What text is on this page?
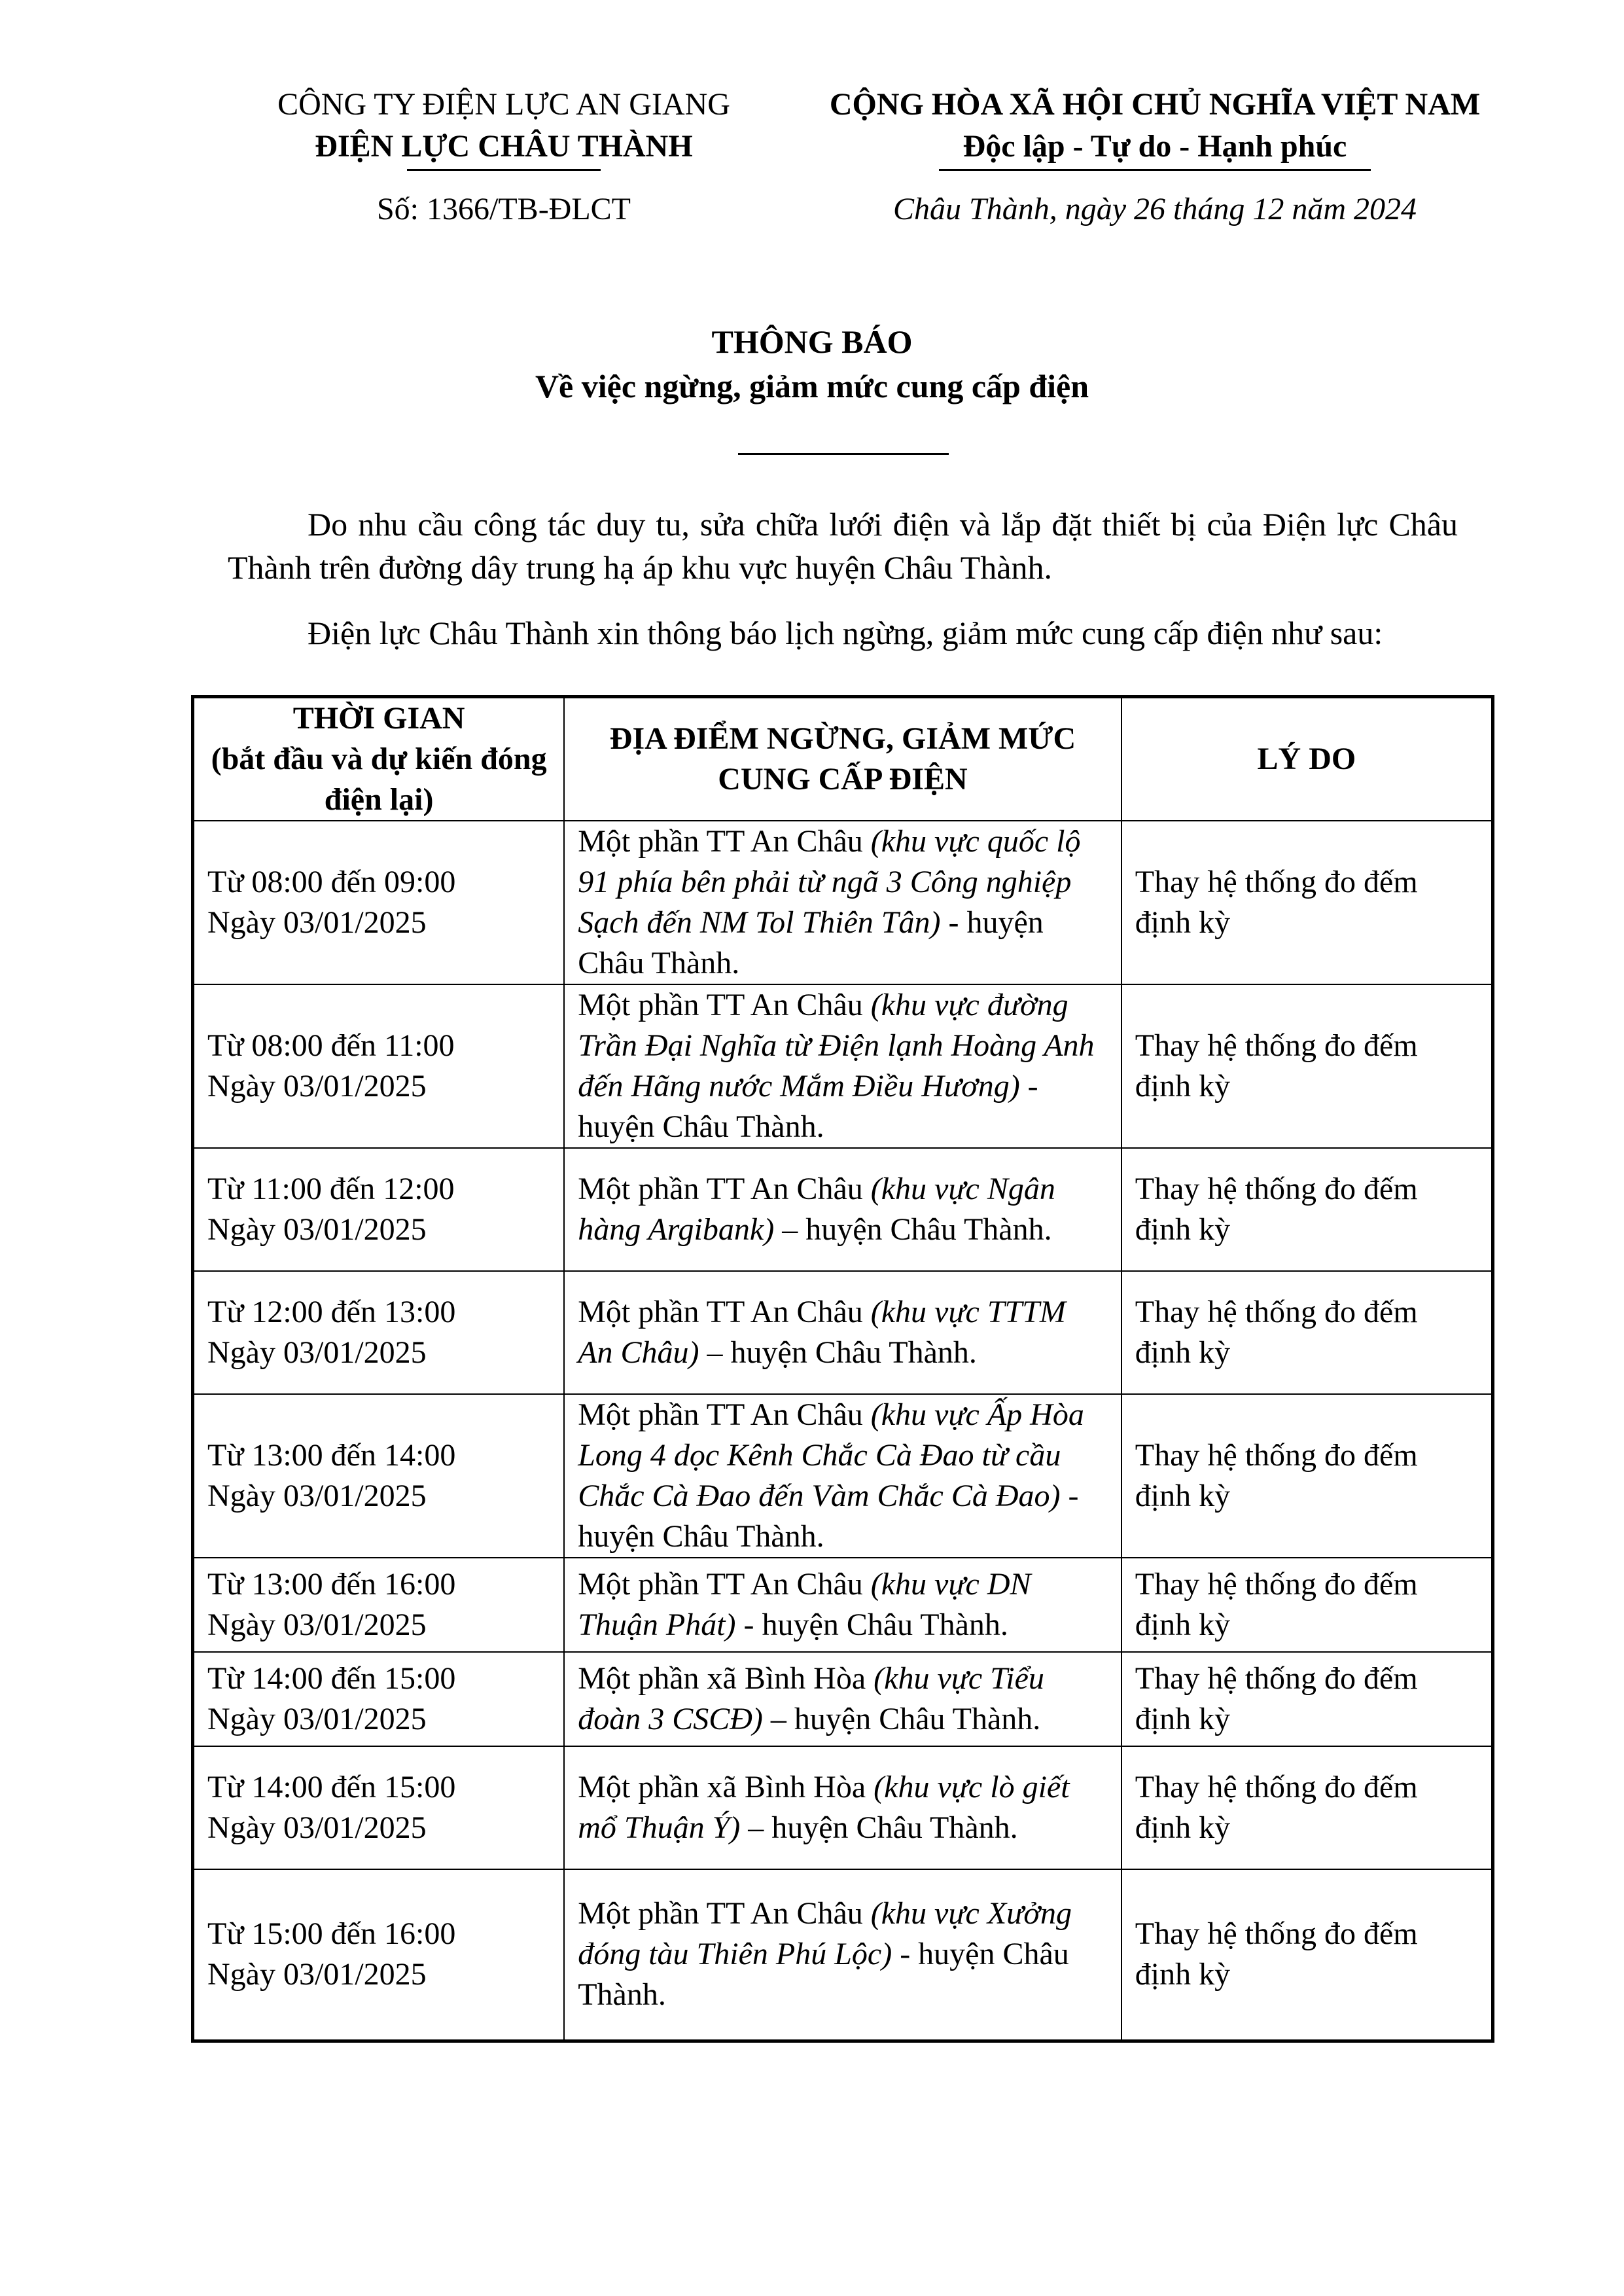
CÔNG TY ĐIỆN LỰC AN GIANG
ĐIỆN LỰC CHÂU THÀNH
CỘNG HÒA XÃ HỘI CHỦ NGHĨA VIỆT NAM
Độc lập - Tự do - Hạnh phúc
Số: 1366/TB-ĐLCT	Châu Thành, ngày 26 tháng 12 năm 2024
THÔNG BÁO
Về việc ngừng, giảm mức cung cấp điện
Do nhu cầu công tác duy tu, sửa chữa lưới điện và lắp đặt thiết bị của Điện lực Châu Thành trên đường dây trung hạ áp khu vực huyện Châu Thành.
Điện lực Châu Thành xin thông báo lịch ngừng, giảm mức cung cấp điện như sau:
THỜI GIAN
(bắt đầu và dự kiến đóng điện lại)	ĐỊA ĐIỂM NGỪNG, GIẢM MỨC CUNG CẤP ĐIỆN	LÝ DO

Từ 08:00 đến 09:00
Ngày 03/01/2025	Một phần TT An Châu (khu vực quốc lộ 91 phía bên phải từ ngã 3 Công nghiệp Sạch đến NM Tol Thiên Tân) - huyện Châu Thành.	Thay hệ thống đo đếm định kỳ

Từ 08:00 đến 11:00
Ngày 03/01/2025	Một phần TT An Châu (khu vực đường Trần Đại Nghĩa từ Điện lạnh Hoàng Anh đến Hãng nước Mắm Điều Hương) - huyện Châu Thành.	Thay hệ thống đo đếm định kỳ

Từ 11:00 đến 12:00
Ngày 03/01/2025	Một phần TT An Châu (khu vực Ngân hàng Argibank) – huyện Châu Thành.	Thay hệ thống đo đếm định kỳ

Từ 12:00 đến 13:00
Ngày 03/01/2025	Một phần TT An Châu (khu vực TTTM An Châu) – huyện Châu Thành.	Thay hệ thống đo đếm định kỳ

Từ 13:00 đến 14:00
Ngày 03/01/2025	Một phần TT An Châu (khu vực Ấp Hòa Long 4 dọc Kênh Chắc Cà Đao từ cầu Chắc Cà Đao đến Vàm Chắc Cà Đao) - huyện Châu Thành.	Thay hệ thống đo đếm định kỳ

Từ 13:00 đến 16:00
Ngày 03/01/2025	Một phần TT An Châu (khu vực DN Thuận Phát) - huyện Châu Thành.	Thay hệ thống đo đếm định kỳ

Từ 14:00 đến 15:00
Ngày 03/01/2025	Một phần xã Bình Hòa (khu vực Tiểu đoàn 3 CSCĐ) – huyện Châu Thành.	Thay hệ thống đo đếm định kỳ

Từ 14:00 đến 15:00
Ngày 03/01/2025	Một phần xã Bình Hòa (khu vực lò giết mổ Thuận Ý) – huyện Châu Thành.	Thay hệ thống đo đếm định kỳ

Từ 15:00 đến 16:00
Ngày 03/01/2025	Một phần TT An Châu (khu vực Xưởng đóng tàu Thiên Phú Lộc) - huyện Châu Thành.	Thay hệ thống đo đếm định kỳ
